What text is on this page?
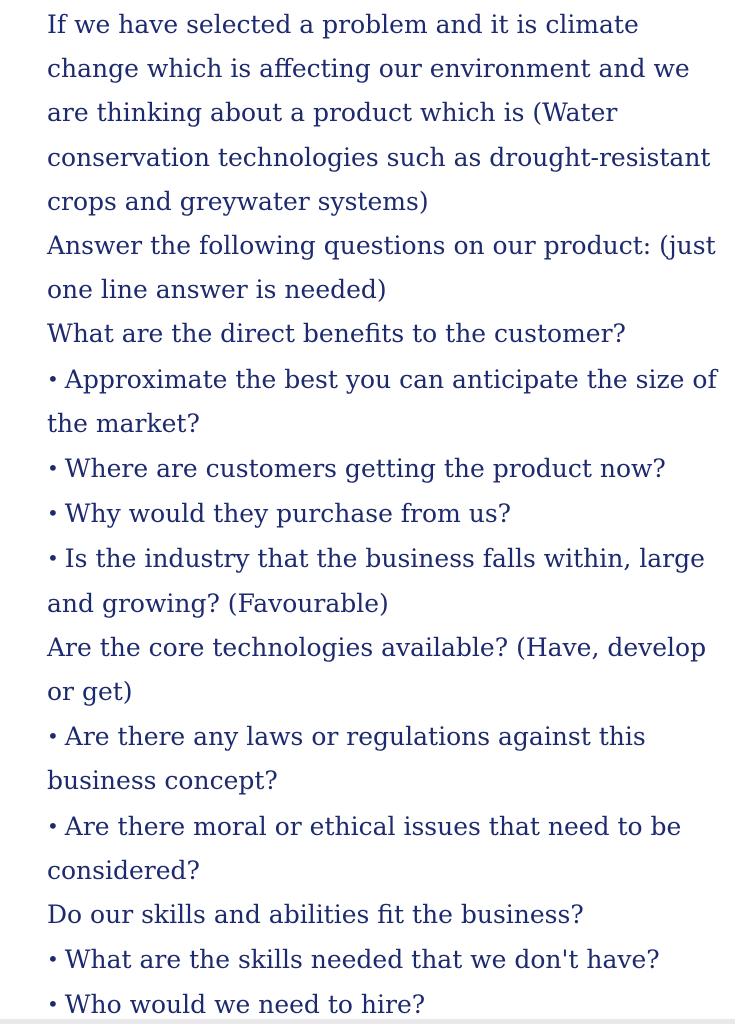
If we have selected a problem and it is climate change which is affecting our environment and we are thinking about a product which is (Water conservation technologies such as drought-resistant crops and greywater systems)

Answer the following questions on our product: (just one line answer is needed)

What are the direct benefits to the customer?

• Approximate the best you can anticipate the size of the market?

• Where are customers getting the product now?

• Why would they purchase from us?

• Is the industry that the business falls within, large and growing? (Favourable)

Are the core technologies available? (Have, develop or get)

• Are there any laws or regulations against this business concept?

• Are there moral or ethical issues that need to be considered?

Do our skills and abilities fit the business?

• What are the skills needed that we don't have?

• Who would we need to hire?
